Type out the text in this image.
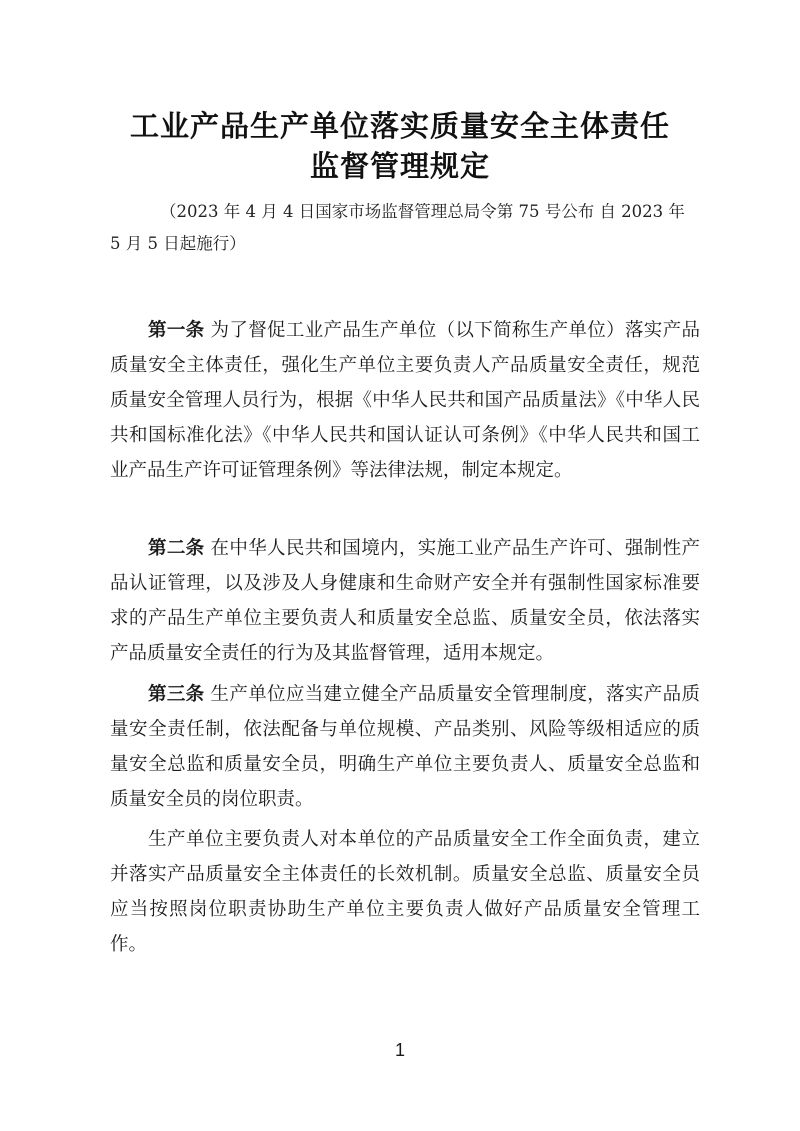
工业产品生产单位落实质量安全主体责任
监督管理规定

（2023 年 4 月 4 日国家市场监督管理总局令第 75 号公布 自 2023 年 5 月 5 日起施行）

第一条 为了督促工业产品生产单位（以下简称生产单位）落实产品质量安全主体责任，强化生产单位主要负责人产品质量安全责任，规范质量安全管理人员行为，根据《中华人民共和国产品质量法》《中华人民共和国标准化法》《中华人民共和国认证认可条例》《中华人民共和国工业产品生产许可证管理条例》等法律法规，制定本规定。

第二条 在中华人民共和国境内，实施工业产品生产许可、强制性产品认证管理，以及涉及人身健康和生命财产安全并有强制性国家标准要求的产品生产单位主要负责人和质量安全总监、质量安全员，依法落实产品质量安全责任的行为及其监督管理，适用本规定。

第三条 生产单位应当建立健全产品质量安全管理制度，落实产品质量安全责任制，依法配备与单位规模、产品类别、风险等级相适应的质量安全总监和质量安全员，明确生产单位主要负责人、质量安全总监和质量安全员的岗位职责。

生产单位主要负责人对本单位的产品质量安全工作全面负责，建立并落实产品质量安全主体责任的长效机制。质量安全总监、质量安全员应当按照岗位职责协助生产单位主要负责人做好产品质量安全管理工作。

1
